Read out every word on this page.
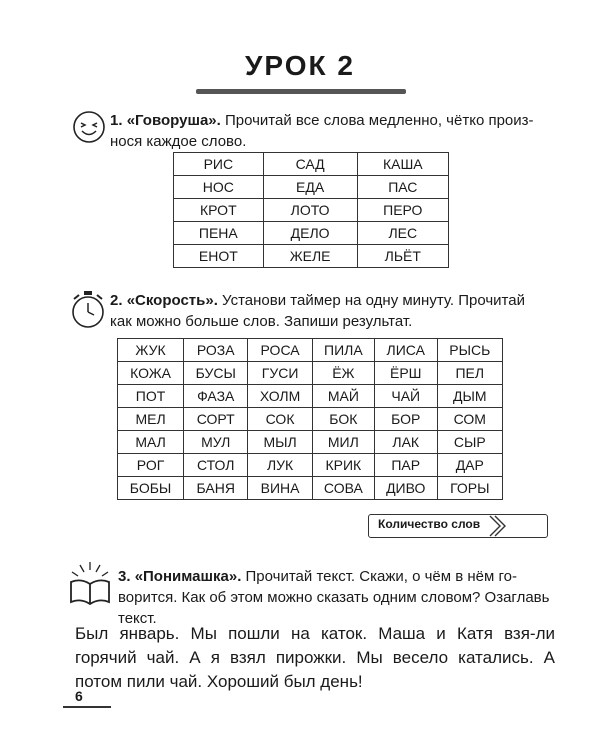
УРОК 2
1. «Говоруша». Прочитай все слова медленно, чётко произ-нося каждое слово.
РИС	САД	КАША
НОС	ЕДА	ПАС
КРОТ	ЛОТО	ПЕРО
ПЕНА	ДЕЛО	ЛЕС
ЕНОТ	ЖЕЛЕ	ЛЬЁТ
2. «Скорость». Установи таймер на одну минуту. Прочитай как можно больше слов. Запиши результат.
ЖУК	РОЗА	РОСА	ПИЛА	ЛИСА	РЫСЬ
КОЖА	БУСЫ	ГУСИ	ЁЖ	ЁРШ	ПЕЛ
ПОТ	ФАЗА	ХОЛМ	МАЙ	ЧАЙ	ДЫМ
МЕЛ	СОРТ	СОК	БОК	БОР	СОМ
МАЛ	МУЛ	МЫЛ	МИЛ	ЛАК	СЫР
РОГ	СТОЛ	ЛУК	КРИК	ПАР	ДАР
БОБЫ	БАНЯ	ВИНА	СОВА	ДИВО	ГОРЫ
Количество слов
3. «Понимашка». Прочитай текст. Скажи, о чём в нём го-ворится. Как об этом можно сказать одним словом? Озаглавь текст.
Был январь. Мы пошли на каток. Маша и Катя взя-ли горячий чай. А я взял пирожки. Мы весело катались. А потом пили чай. Хороший был день!
6
